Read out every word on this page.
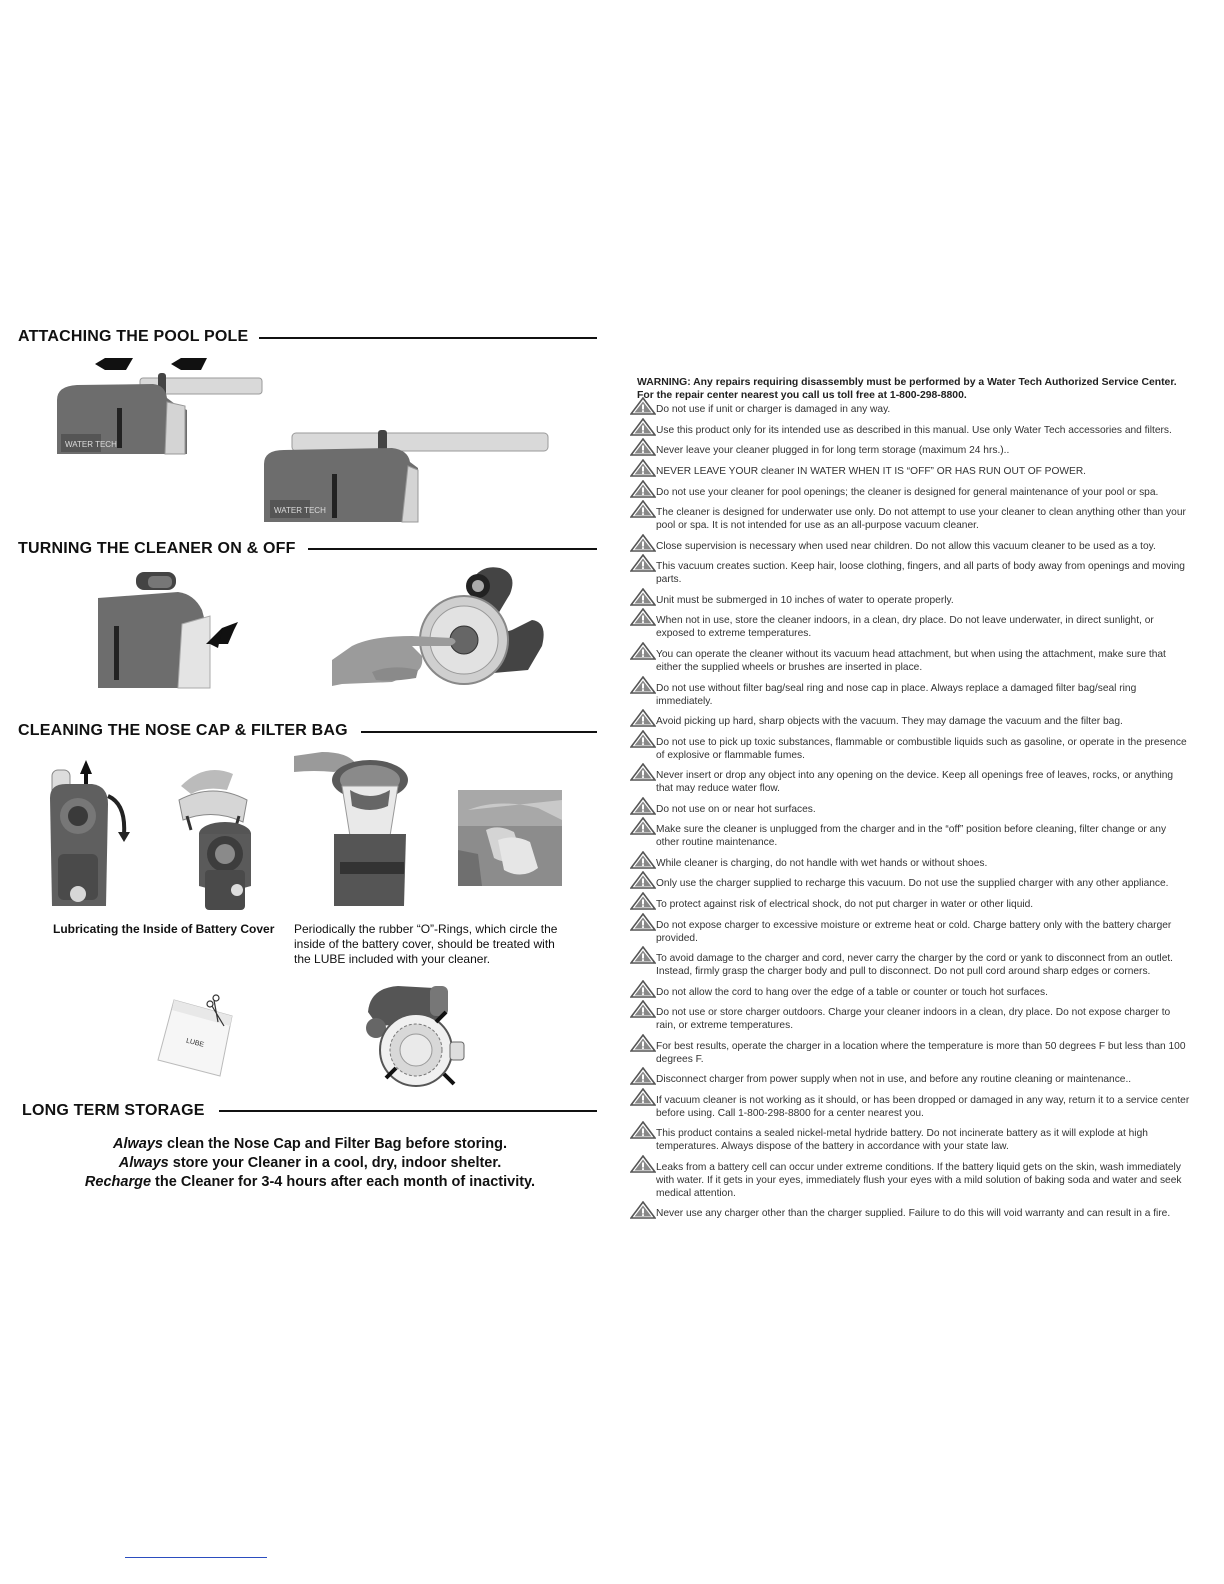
ATTACHING THE POOL POLE
WATER TECH
WATER TECH
TURNING THE CLEANER ON & OFF
CLEANING THE NOSE CAP & FILTER BAG
Lubricating the Inside of Battery Cover Periodically the rubber “O”-Rings, which circle the inside of the battery cover, should be treated with the LUBE included with your cleaner.
LUBE
LONG TERM STORAGE
Always clean the Nose Cap and Filter Bag before storing.
Always store your Cleaner in a cool, dry, indoor shelter.
Recharge the Cleaner for 3-4 hours after each month of inactivity.
WARNING: Any repairs requiring disassembly must be performed by a Water Tech Authorized Service Center.
For the repair center nearest you call us toll free at 1-800-298-8800.
Do not use if unit or charger is damaged in any way.
Use this product only for its intended use as described in this manual. Use only Water Tech accessories and filters.
Never leave your cleaner plugged in for long term storage (maximum 24 hrs.)..
NEVER LEAVE YOUR cleaner IN WATER WHEN IT IS “OFF” OR HAS RUN OUT OF POWER.
Do not use your cleaner for pool openings; the cleaner is designed for general maintenance of your pool or spa.
The cleaner is designed for underwater use only. Do not attempt to use your cleaner to clean anything other than your pool or spa. It is not intended for use as an all-purpose vacuum cleaner.
Close supervision is necessary when used near children. Do not allow this vacuum cleaner to be used as a toy.
This vacuum creates suction. Keep hair, loose clothing, fingers, and all parts of body away from openings and moving parts.
Unit must be submerged in 10 inches of water to operate properly.
When not in use, store the cleaner indoors, in a clean, dry place. Do not leave underwater, in direct sunlight, or exposed to extreme temperatures.
You can operate the cleaner without its vacuum head attachment, but when using the attachment, make sure that either the supplied wheels or brushes are inserted in place.
Do not use without filter bag/seal ring and nose cap in place. Always replace a damaged filter bag/seal ring immediately.
Avoid picking up hard, sharp objects with the vacuum. They may damage the vacuum and the filter bag.
Do not use to pick up toxic substances, flammable or combustible liquids such as gasoline, or operate in the presence of explosive or flammable fumes.
Never insert or drop any object into any opening on the device. Keep all openings free of leaves, rocks, or anything that may reduce water flow.
Do not use on or near hot surfaces.
Make sure the cleaner is unplugged from the charger and in the “off” position before cleaning, filter change or any other routine maintenance.
While cleaner is charging, do not handle with wet hands or without shoes.
Only use the charger supplied to recharge this vacuum. Do not use the supplied charger with any other appliance.
To protect against risk of electrical shock, do not put charger in water or other liquid.
Do not expose charger to excessive moisture or extreme heat or cold. Charge battery only with the battery charger provided.
To avoid damage to the charger and cord, never carry the charger by the cord or yank to disconnect from an outlet. Instead, firmly grasp the charger body and pull to disconnect. Do not pull cord around sharp edges or corners.
Do not allow the cord to hang over the edge of a table or counter or touch hot surfaces.
Do not use or store charger outdoors. Charge your cleaner indoors in a clean, dry place. Do not expose charger to rain, or extreme temperatures.
For best results, operate the charger in a location where the temperature is more than 50 degrees F but less than 100 degrees F.
Disconnect charger from power supply when not in use, and before any routine cleaning or maintenance..
If vacuum cleaner is not working as it should, or has been dropped or damaged in any way, return it to a service center before using. Call 1-800-298-8800 for a center nearest you.
This product contains a sealed nickel-metal hydride battery. Do not incinerate battery as it will explode at high temperatures. Always dispose of the battery in accordance with your state law.
Leaks from a battery cell can occur under extreme conditions. If the battery liquid gets on the skin, wash immediately with water. If it gets in your eyes, immediately flush your eyes with a mild solution of baking soda and water and seek medical attention.
Never use any charger other than the charger supplied. Failure to do this will void warranty and can result in a fire.
